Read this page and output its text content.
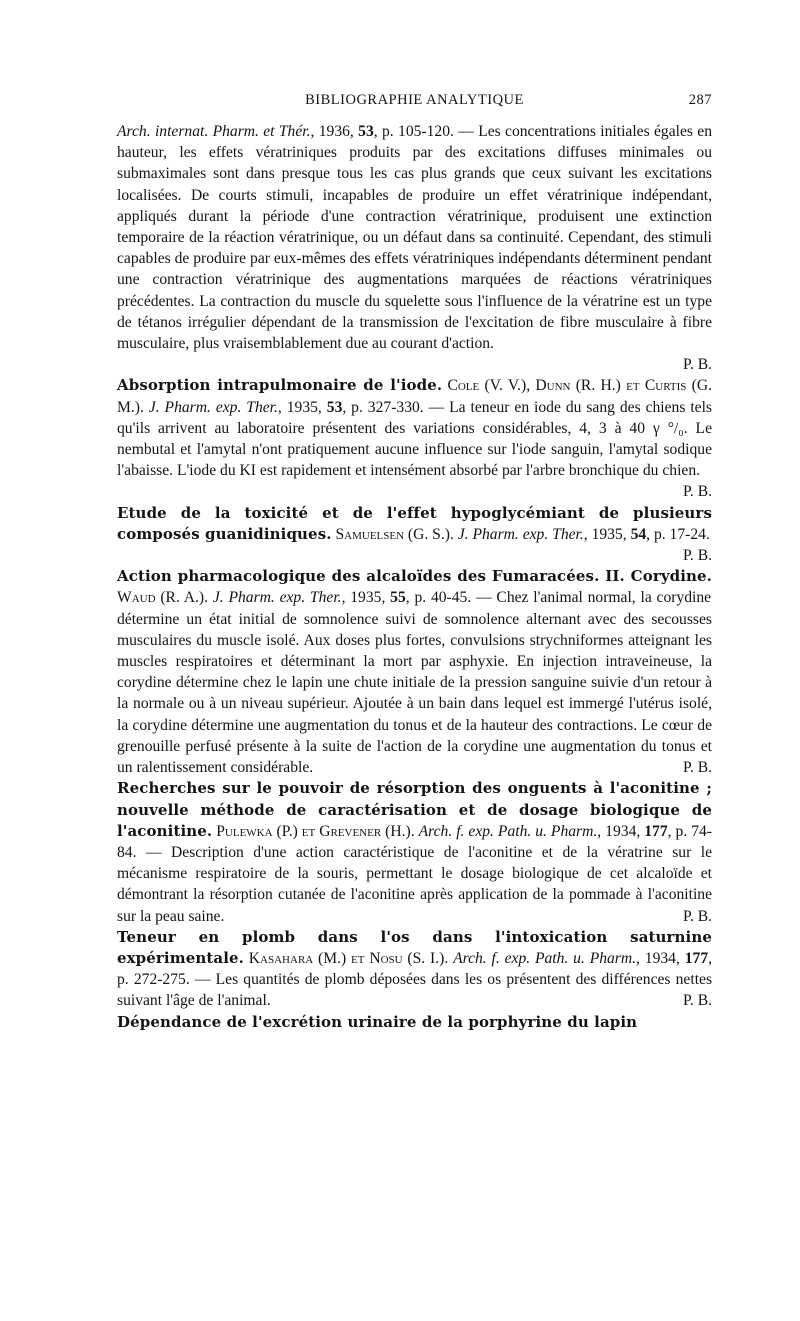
BIBLIOGRAPHIE ANALYTIQUE	287

Arch. internat. Pharm. et Thér., 1936, 53, p. 105-120. — Les concentrations initiales égales en hauteur, les effets vératriniques produits par des excitations diffuses minimales ou submaximales sont dans presque tous les cas plus grands que ceux suivant les excitations localisées. De courts stimuli, incapables de produire un effet vératrinique indépendant, appliqués durant la période d'une contraction vératrinique, produisent une extinction temporaire de la réaction vératrinique, ou un défaut dans sa continuité. Cependant, des stimuli capables de produire par eux-mêmes des effets vératriniques indépendants déterminent pendant une contraction vératrinique des augmentations marquées de réactions vératriniques précédentes. La contraction du muscle du squelette sous l'influence de la vératrine est un type de tétanos irrégulier dépendant de la transmission de l'excitation de fibre musculaire à fibre musculaire, plus vraisemblablement due au courant d'action.

P. B.

Absorption intrapulmonaire de l'iode. Cole (V. V.), Dunn (R. H.) et Curtis (G. M.). J. Pharm. exp. Ther., 1935, 53, p. 327-330. — La teneur en iode du sang des chiens tels qu'ils arrivent au laboratoire présentent des variations considérables, 4, 3 à 40 γ °/₀. Le nembutal et l'amytal n'ont pratiquement aucune influence sur l'iode sanguin, l'amytal sodique l'abaisse. L'iode du KI est rapidement et intensément absorbé par l'arbre bronchique du chien.
P. B.

Etude de la toxicité et de l'effet hypoglycémiant de plusieurs composés guanidiniques. Samuelsen (G. S.). J. Pharm. exp. Ther., 1935, 54, p. 17-24.
P. B.

Action pharmacologique des alcaloïdes des Fumaracées. II. Corydine. Waud (R. A.). J. Pharm. exp. Ther., 1935, 55, p. 40-45. — Chez l'animal normal, la corydine détermine un état initial de somnolence suivi de somnolence alternant avec des secousses musculaires du muscle isolé. Aux doses plus fortes, convulsions strychniformes atteignant les muscles respiratoires et déterminant la mort par asphyxie. En injection intraveineuse, la corydine détermine chez le lapin une chute initiale de la pression sanguine suivie d'un retour à la normale ou à un niveau supérieur. Ajoutée à un bain dans lequel est immergé l'utérus isolé, la corydine détermine une augmentation du tonus et de la hauteur des contractions. Le cœur de grenouille perfusé présente à la suite de l'action de la corydine une augmentation du tonus et un ralentissement considérable.	P. B.

Recherches sur le pouvoir de résorption des onguents à l'aconitine ; nouvelle méthode de caractérisation et de dosage biologique de l'aconitine. Pulewka (P.) et Grevener (H.). Arch. f. exp. Path. u. Pharm., 1934, 177, p. 74-84. — Description d'une action caractéristique de l'aconitine et de la vératrine sur le mécanisme respiratoire de la souris, permettant le dosage biologique de cet alcaloïde et démontrant la résorption cutanée de l'aconitine après application de la pommade à l'aconitine sur la peau saine.	P. B.

Teneur en plomb dans l'os dans l'intoxication saturnine expérimentale. Kasahara (M.) et Nosu (S. I.). Arch. f. exp. Path. u. Pharm., 1934, 177, p. 272-275. — Les quantités de plomb déposées dans les os présentent des différences nettes suivant l'âge de l'animal.	P. B.

Dépendance de l'excrétion urinaire de la porphyrine du lapin
